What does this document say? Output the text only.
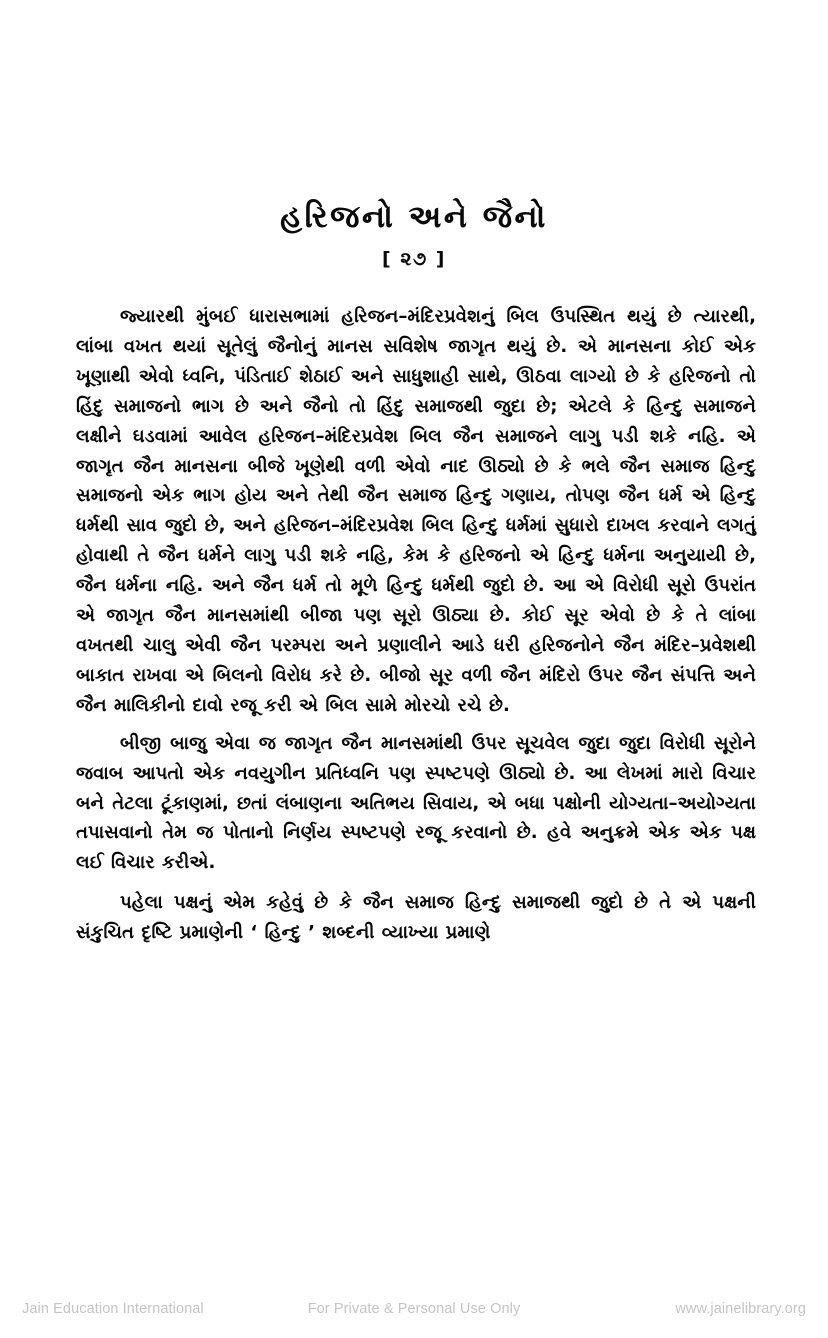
હરિજનો અને જૈનો
[ ૨૭ ]

જ્યારથી મુંબઈ ધારાસભામાં હરિજન–મંદિરપ્રવેશનું બિલ ઉપસ્થિત થયું છે ત્યારથી, લાંબા વખત થયાં સૂતેલું જૈનોનું માનસ સવિશેષ જાગૃત થયું છે. એ માનસના કોઈ એક ખૂણાથી એવો ધ્વનિ, પંડિતાઈ શેઠાઈ અને સાધુશાહી સાથે, ઊઠવા લાગ્યો છે કે હરિજનો તો હિંદુ સમાજનો ભાગ છે અને જૈનો તો હિંદુ સમાજથી જુદા છે; એટલે કે હિન્દુ સમાજને લક્ષીને ઘડવામાં આવેલ હરિજન–મંદિરપ્રવેશ બિલ જૈન સમાજને લાગુ પડી શકે નહિ. એ જાગૃત જૈન માનસના બીજે ખૂણેથી વળી એવો નાદ ઊઠ્યો છે કે ભલે જૈન સમાજ હિન્દુ સમાજનો એક ભાગ હોય અને તેથી જૈન સમાજ હિન્દુ ગણાય, તોપણ જૈન ધર્મ એ હિન્દુ ધર્મથી સાવ જુદો છે, અને હરિજન–મંદિરપ્રવેશ બિલ હિન્દુ ધર્મમાં સુધારો દાખલ કરવાને લગતું હોવાથી તે જૈન ધર્મને લાગુ પડી શકે નહિ, કેમ કે હરિજનો એ હિન્દુ ધર્મના અનુયાયી છે, જૈન ધર્મના નહિ. અને જૈન ધર્મ તો મૂળે હિન્દુ ધર્મથી જુદો છે. આ એ વિરોધી સૂરો ઉપરાંત એ જાગૃત જૈન માનસમાંથી બીજા પણ સૂરો ઊઠ્યા છે. કોઈ સૂર એવો છે કે તે લાંબા વખતથી ચાલુ એવી જૈન પરમ્પરા અને પ્રણાલીને આડે ધરી હરિજનોને જૈન મંદિર–પ્રવેશથી બાકાત રાખવા એ બિલનો વિરોધ કરે છે. બીજો સૂર વળી જૈન મંદિરો ઉપર જૈન સંપત્તિ અને જૈન માલિકીનો દાવો રજૂ કરી એ બિલ સામે મોરચો રચે છે.

બીજી બાજુ એવા જ જાગૃત જૈન માનસમાંથી ઉપર સૂચવેલ જુદા જુદા વિરોધી સૂરોને જવાબ આપતો એક નવયુગીન પ્રતિધ્વનિ પણ સ્પષ્ટપણે ઊઠ્યો છે. આ લેખમાં મારો વિચાર બને તેટલા ટૂંકાણમાં, છતાં લંબાણના અતિભય સિવાય, એ બધા પક્ષોની યોગ્યતા–અયોગ્યતા તપાસવાનો તેમ જ પોતાનો નિર્ણય સ્પષ્ટપણે રજૂ કરવાનો છે. હવે અનુક્રમે એક એક પક્ષ લઈ વિચાર કરીએ.

પહેલા પક્ષનું એમ કહેવું છે કે જૈન સમાજ હિન્દુ સમાજથી જુદો છે તે એ પક્ષની સંકુચિત દૃષ્ટિ પ્રમાણેની ‘ હિન્દુ ’ શબ્દની વ્યાખ્યા પ્રમાણે

Jain Education International	For Private & Personal Use Only	www.jainelibrary.org
